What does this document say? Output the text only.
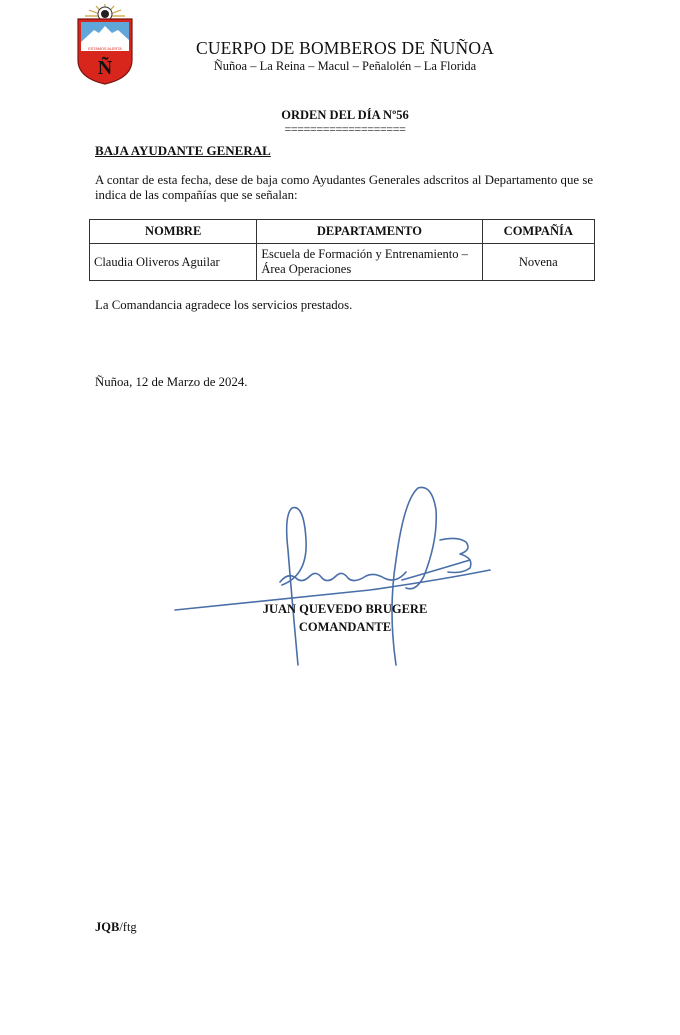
ESTAMOS ALERTA
Ñ
CUERPO DE BOMBEROS DE ÑUÑOA
Ñuñoa – La Reina – Macul – Peñalolén – La Florida
ORDEN DEL DÍA Nº56
===================
BAJA AYUDANTE GENERAL
A contar de esta fecha, dese de baja como Ayudantes Generales adscritos al Departamento que se indica de las compañías que se señalan:
NOMBRE	DEPARTAMENTO	COMPAÑÍA
Claudia Oliveros Aguilar	Escuela de Formación y Entrenamiento – Área Operaciones	Novena
La Comandancia agradece los servicios prestados.
Ñuñoa, 12 de Marzo de 2024.
JUAN QUEVEDO BRUGERE
COMANDANTE
JQB/ftg
